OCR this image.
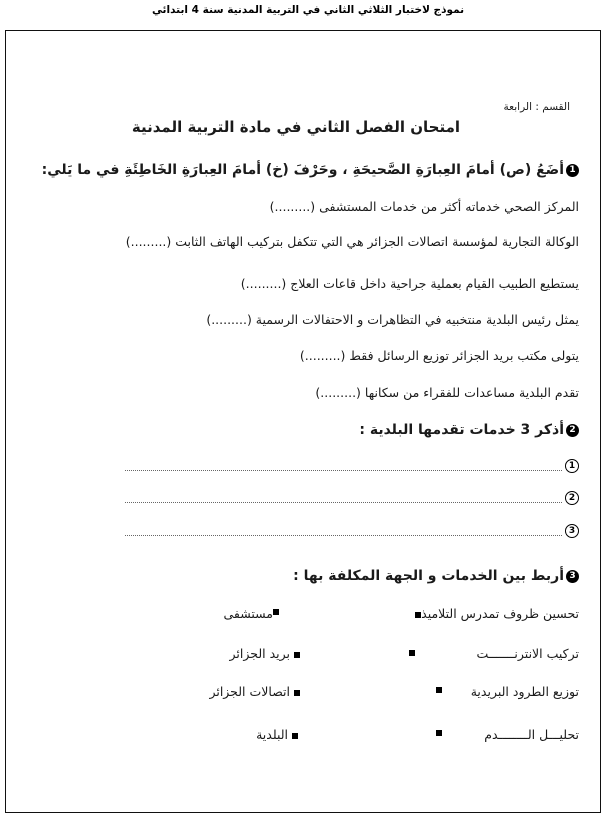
نموذج لاختبار الثلاثي الثاني في التربية المدنية سنة 4 ابتدائي
القسم : الرابعة
امتحان الفصل الثاني في مادة التربية المدنية
1أضَعُ (ص) أمامَ العِبارَةِ الصَّحيحَةِ ، وحَرْفَ (خ) أمامَ العِبارَةِ الخَاطِئَةِ في ما يَلي:
المركز الصحي خدماته أكثر من خدمات المستشفى (.........)
الوكالة التجارية لمؤسسة اتصالات الجزائر هي التي تتكفل بتركيب الهاتف الثابت (.........)
يستطيع الطبيب القيام بعملية جراحية داخل قاعات العلاج (.........)
يمثل رئيس البلدية منتخبيه في التظاهرات و الاحتفالات الرسمية (.........)
يتولى مكتب بريد الجزائر توزيع الرسائل فقط (.........)
تقدم البلدية مساعدات للفقراء من سكانها (.........)
2أذكر 3 خدمات تقدمها البلدية :
1
2
3
3أربط بين الخدمات و الجهة المكلفة بها :
تحسين ظروف تمدرس التلاميذ
تركيب الانترنـــــــت
توزيع الطرود البريدية
تحليـــل الــــــــدم
مستشفى
بريد الجزائر
اتصالات الجزائر
البلدية
